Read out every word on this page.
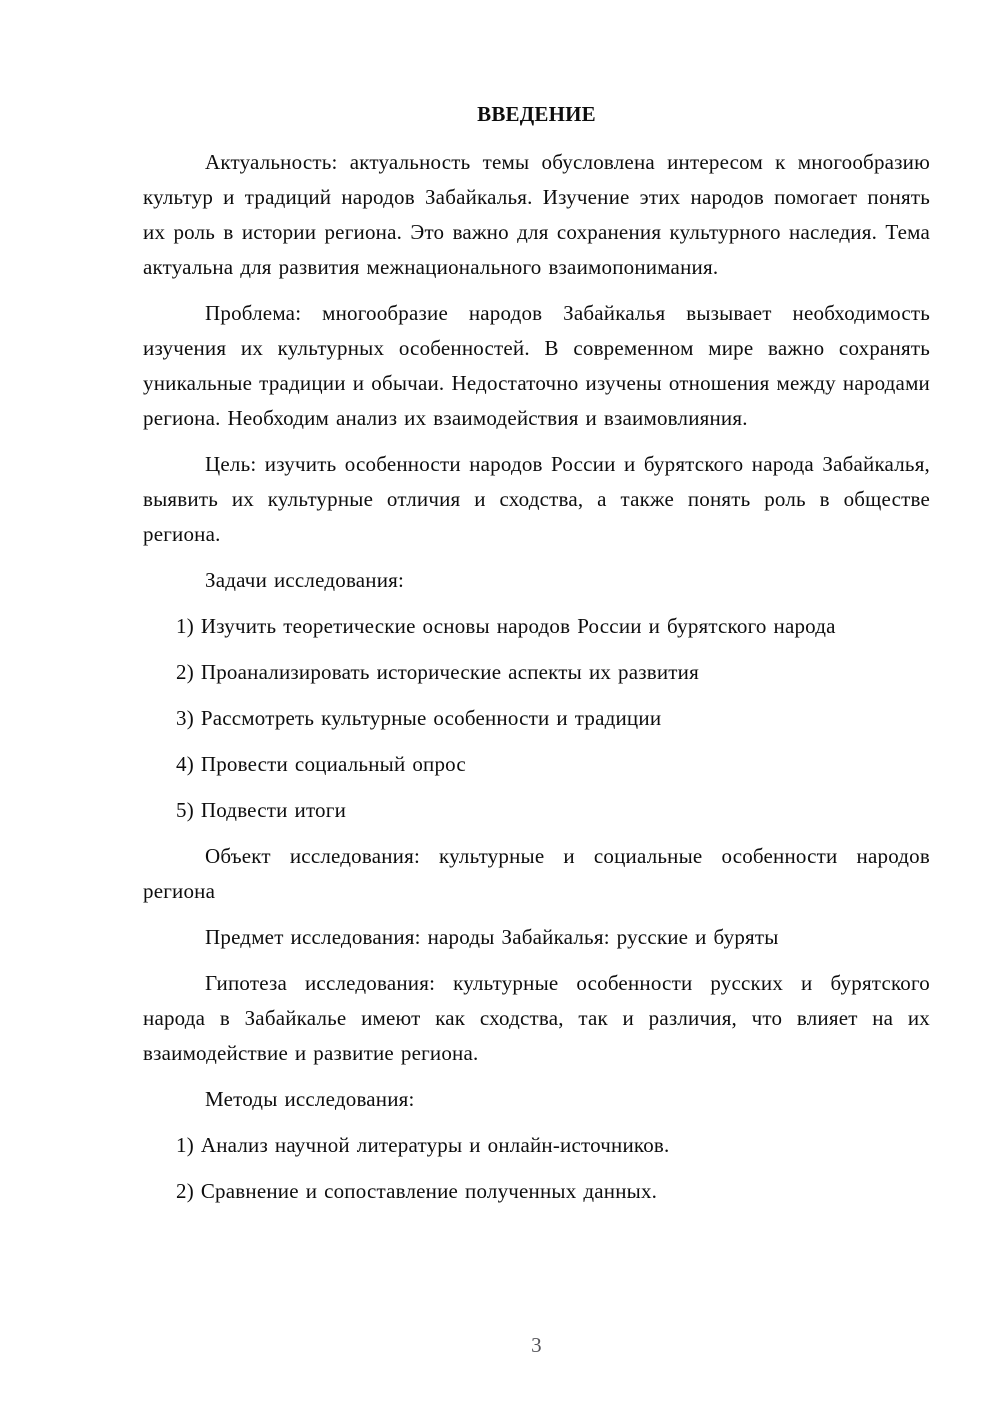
ВВЕДЕНИЕ

Актуальность: актуальность темы обусловлена интересом к многообразию культур и традиций народов Забайкалья. Изучение этих народов помогает понять их роль в истории региона. Это важно для сохранения культурного наследия. Тема актуальна для развития межнационального взаимопонимания.

Проблема: многообразие народов Забайкалья вызывает необходимость изучения их культурных особенностей. В современном мире важно сохранять уникальные традиции и обычаи. Недостаточно изучены отношения между народами региона. Необходим анализ их взаимодействия и взаимовлияния.

Цель: изучить особенности народов России и бурятского народа Забайкалья, выявить их культурные отличия и сходства, а также понять роль в обществе региона.

Задачи исследования:

1) Изучить теоретические основы народов России и бурятского народа

2) Проанализировать исторические аспекты их развития

3) Рассмотреть культурные особенности и традиции

4) Провести социальный опрос

5) Подвести итоги

Объект исследования: культурные и социальные особенности народов региона

Предмет исследования: народы Забайкалья: русские и буряты

Гипотеза исследования: культурные особенности русских и бурятского народа в Забайкалье имеют как сходства, так и различия, что влияет на их взаимодействие и развитие региона.

Методы исследования:

1) Анализ научной литературы и онлайн-источников.

2) Сравнение и сопоставление полученных данных.

3
